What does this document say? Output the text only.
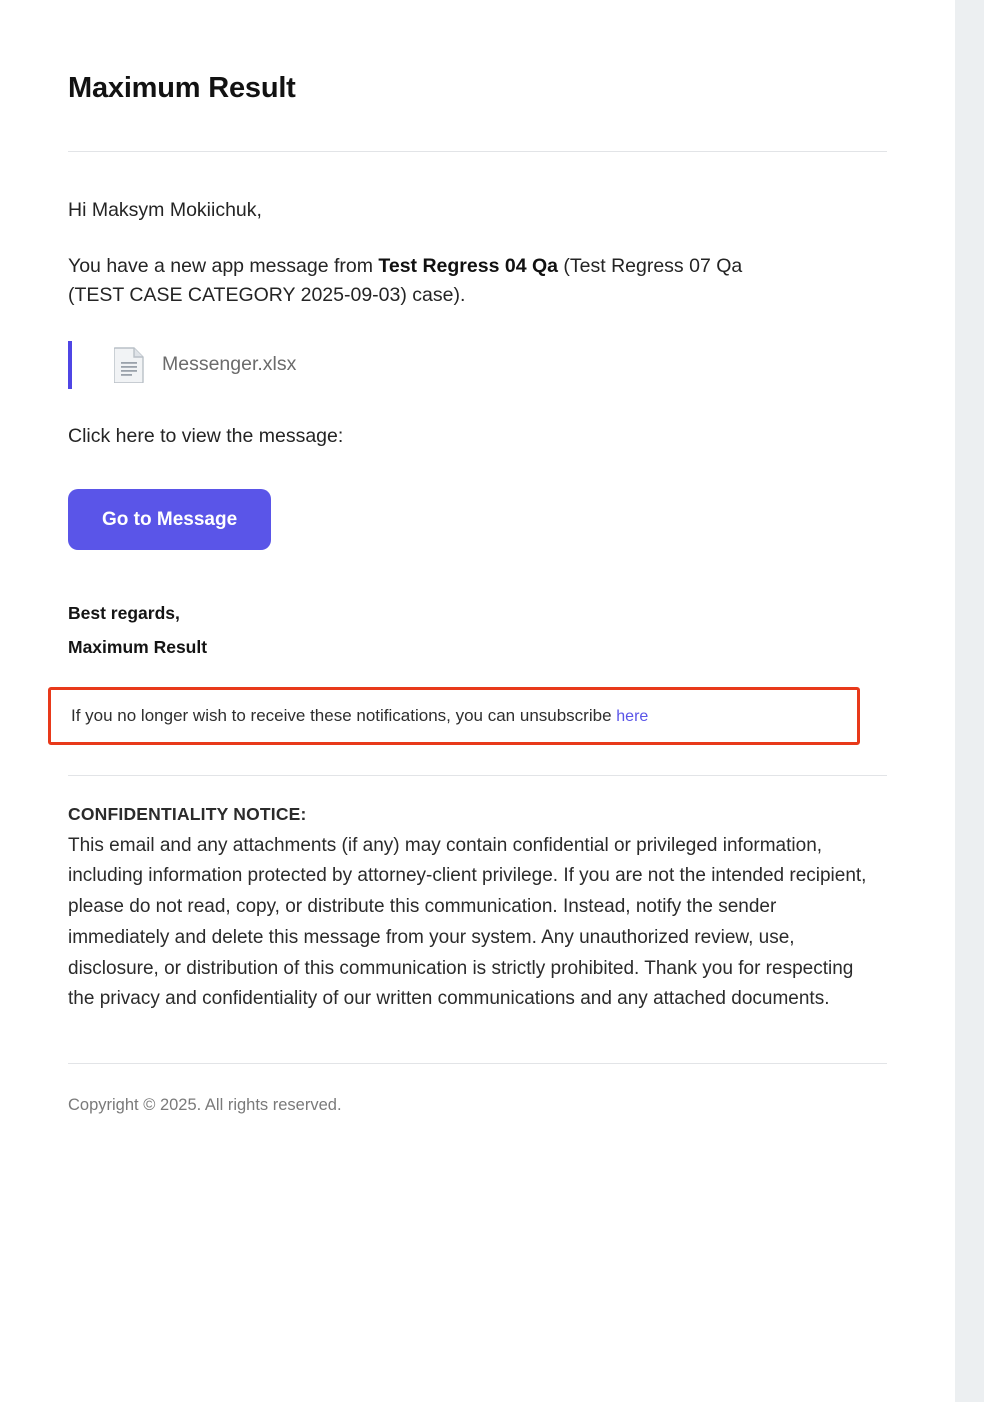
Maximum Result

Hi Maksym Mokiichuk,

You have a new app message from Test Regress 04 Qa (Test Regress 07 Qa (TEST CASE CATEGORY 2025-09-03) case).

Messenger.xlsx

Click here to view the message:

Go to Message
Best regards,
Maximum Result
If you no longer wish to receive these notifications, you can unsubscribe here
CONFIDENTIALITY NOTICE:

This email and any attachments (if any) may contain confidential or privileged information, including information protected by attorney-client privilege. If you are not the intended recipient, please do not read, copy, or distribute this communication. Instead, notify the sender immediately and delete this message from your system. Any unauthorized review, use, disclosure, or distribution of this communication is strictly prohibited. Thank you for respecting the privacy and confidentiality of our written communications and any attached documents.

Copyright © 2025. All rights reserved.
